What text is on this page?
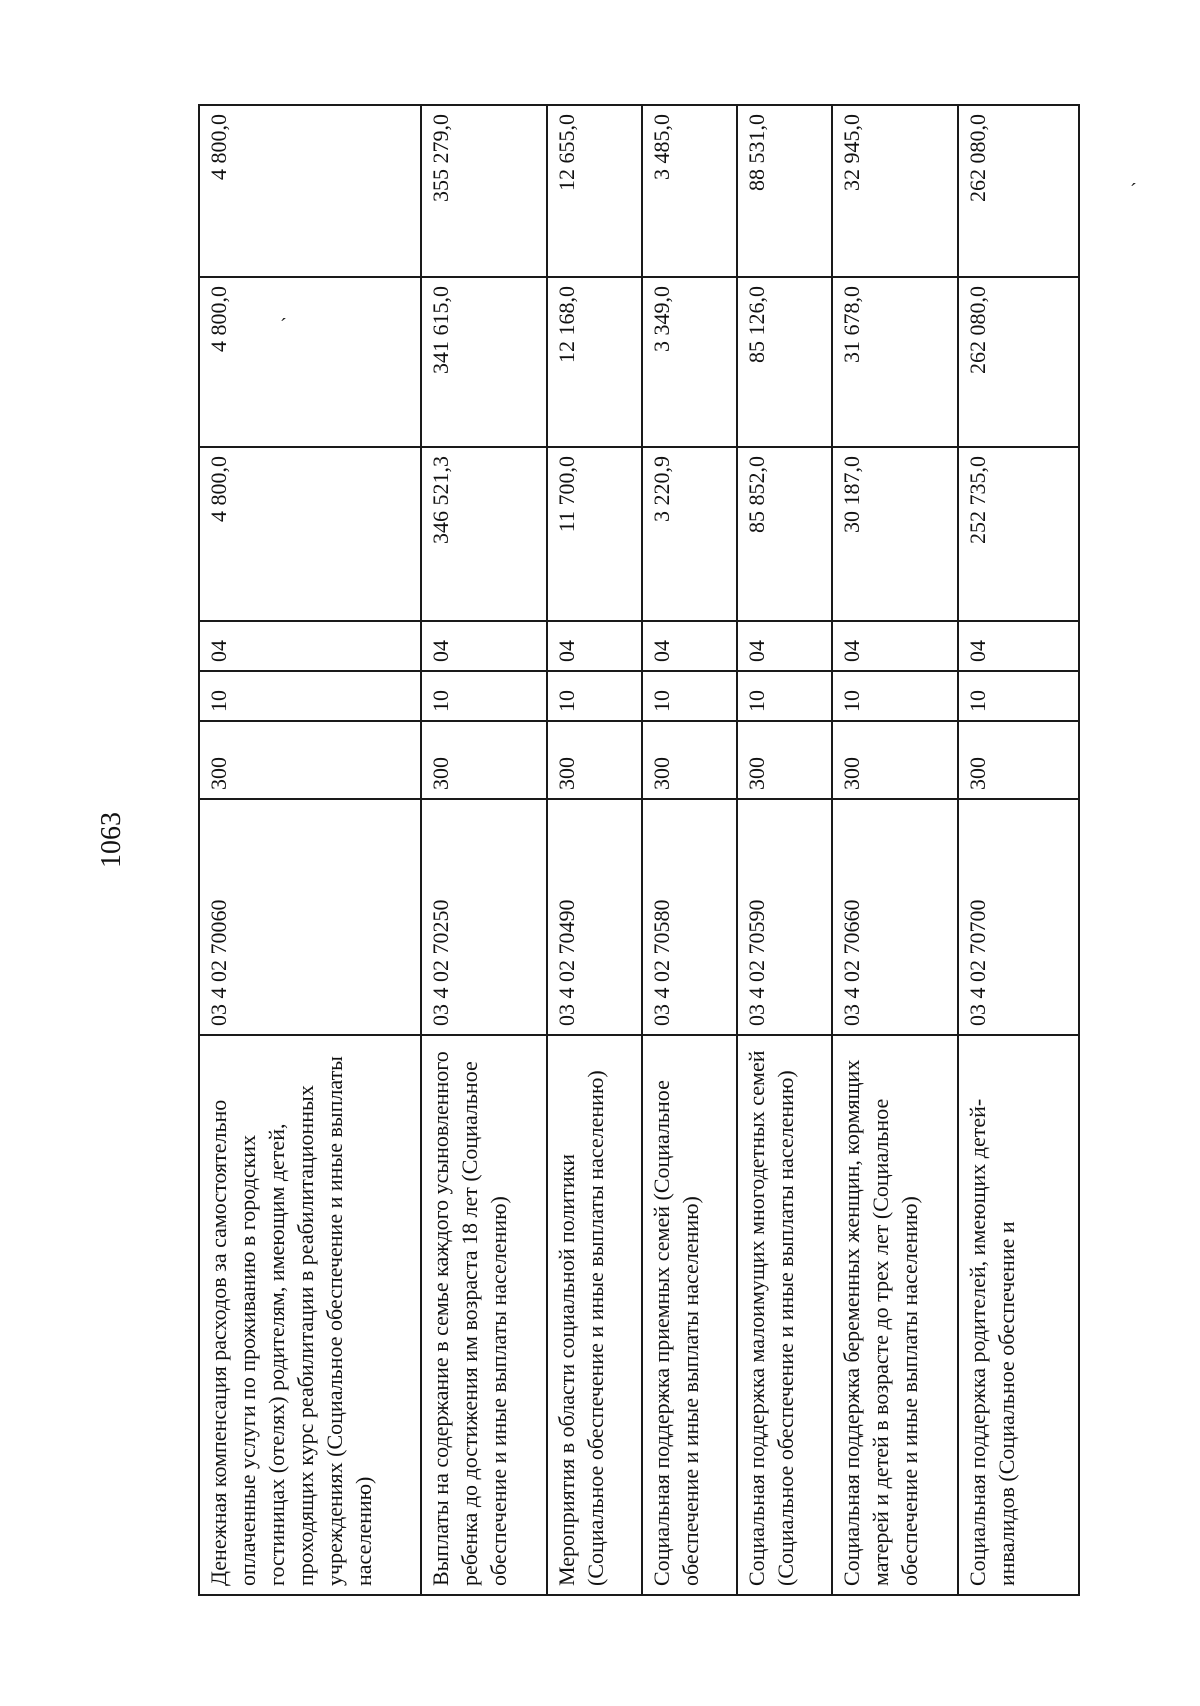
1063
Денежная компенсация расходов за самостоятельно оплаченные услуги по проживанию в городских гостиницах (отелях) родителям, имеющим детей, проходящих курс реабилитации в реабилитационных учреждениях (Социальное обеспечение и иные выплаты населению)	03 4 02 70060	300	10	04	4 800,0	4 800,0	4 800,0
Выплаты на содержание в семье каждого усыновленного ребенка до достижения им возраста 18 лет (Социальное обеспечение и иные выплаты населению)	03 4 02 70250	300	10	04	346 521,3	341 615,0	355 279,0
Мероприятия в области социальной политики (Социальное обеспечение и иные выплаты населению)	03 4 02 70490	300	10	04	11 700,0	12 168,0	12 655,0
Социальная поддержка приемных семей (Социальное обеспечение и иные выплаты населению)	03 4 02 70580	300	10	04	3 220,9	3 349,0	3 485,0
Социальная поддержка малоимущих многодетных семей (Социальное обеспечение и иные выплаты населению)	03 4 02 70590	300	10	04	85 852,0	85 126,0	88 531,0
Социальная поддержка беременных женщин, кормящих матерей и детей в возрасте до трех лет (Социальное обеспечение и иные выплаты населению)	03 4 02 70660	300	10	04	30 187,0	31 678,0	32 945,0
Социальная поддержка родителей, имеющих детей-инвалидов (Социальное обеспечение и	03 4 02 70700	300	10	04	252 735,0	262 080,0	262 080,0	´
´
